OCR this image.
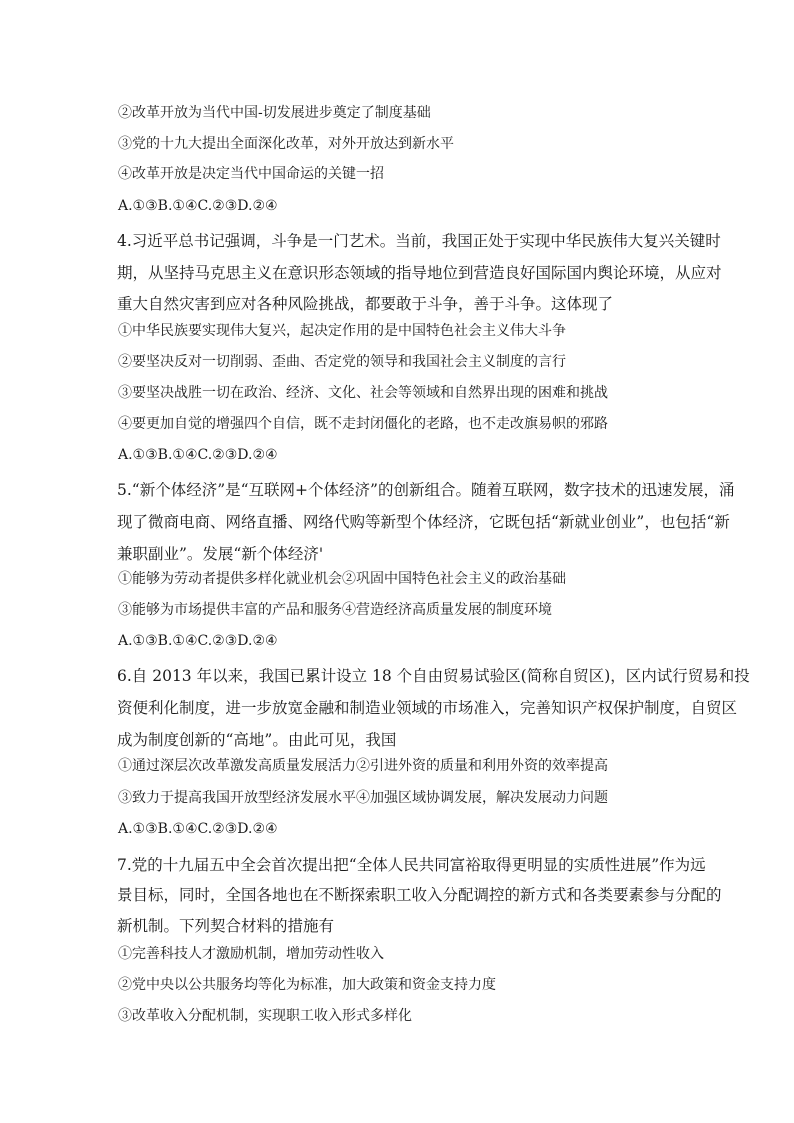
②改革开放为当代中国-切发展进步奠定了制度基础
③党的十九大提出全面深化改革，对外开放达到新水平
④改革开放是决定当代中国命运的关键一招
A.①③B.①④C.②③D.②④
4.习近平总书记强调，斗争是一门艺术。当前，我国正处于实现中华民族伟大复兴关键时
期，从坚持马克思主义在意识形态领域的指导地位到营造良好国际国内舆论环境，从应对
重大自然灾害到应对各种风险挑战，都要敢于斗争，善于斗争。这体现了
①中华民族要实现伟大复兴，起决定作用的是中国特色社会主义伟大斗争
②要坚决反对一切削弱、歪曲、否定党的领导和我国社会主义制度的言行
③要坚决战胜一切在政治、经济、文化、社会等领域和自然界出现的困难和挑战
④要更加自觉的增强四个自信，既不走封闭僵化的老路，也不走改旗易帜的邪路
A.①③B.①④C.②③D.②④
5.“新个体经济”是“互联网+个体经济”的创新组合。随着互联网，数字技术的迅速发展，涌
现了微商电商、网络直播、网络代购等新型个体经济，它既包括“新就业创业”，也包括“新
兼职副业”。发展“新个体经济'
①能够为劳动者提供多样化就业机会②巩固中国特色社会主义的政治基础
③能够为市场提供丰富的产品和服务④营造经济高质量发展的制度环境
A.①③B.①④C.②③D.②④
6.自 2013 年以来，我国已累计设立 18 个自由贸易试验区(简称自贸区)，区内试行贸易和投
资便利化制度，进一步放宽金融和制造业领域的市场准入，完善知识产权保护制度，自贸区
成为制度创新的“高地”。由此可见，我国
①通过深层次改革激发高质量发展活力②引进外资的质量和利用外资的效率提高
③致力于提高我国开放型经济发展水平④加强区域协调发展，解决发展动力问题
A.①③B.①④C.②③D.②④
7.党的十九届五中全会首次提出把“全体人民共同富裕取得更明显的实质性进展”作为远
景目标，同时，全国各地也在不断探索职工收入分配调控的新方式和各类要素参与分配的
新机制。下列契合材料的措施有
①完善科技人才激励机制，增加劳动性收入
②党中央以公共服务均等化为标准，加大政策和资金支持力度
③改革收入分配机制，实现职工收入形式多样化
